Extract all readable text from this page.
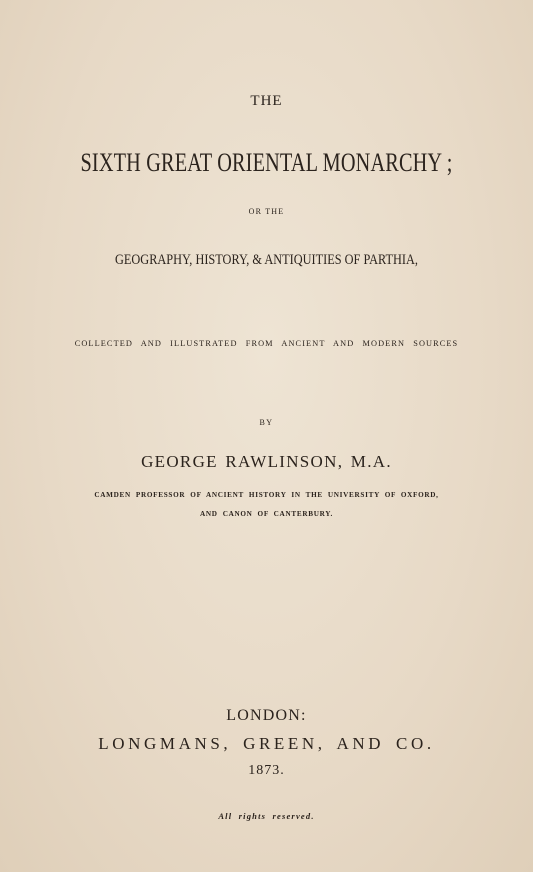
THE
SIXTH GREAT ORIENTAL MONARCHY ;
OR THE
GEOGRAPHY, HISTORY, & ANTIQUITIES OF PARTHIA,
COLLECTED AND ILLUSTRATED FROM ANCIENT AND MODERN SOURCES
BY
GEORGE RAWLINSON, M.A.
CAMDEN PROFESSOR OF ANCIENT HISTORY IN THE UNIVERSITY OF OXFORD,
AND CANON OF CANTERBURY.
LONDON:
LONGMANS, GREEN, AND CO.
1873.
All rights reserved.
